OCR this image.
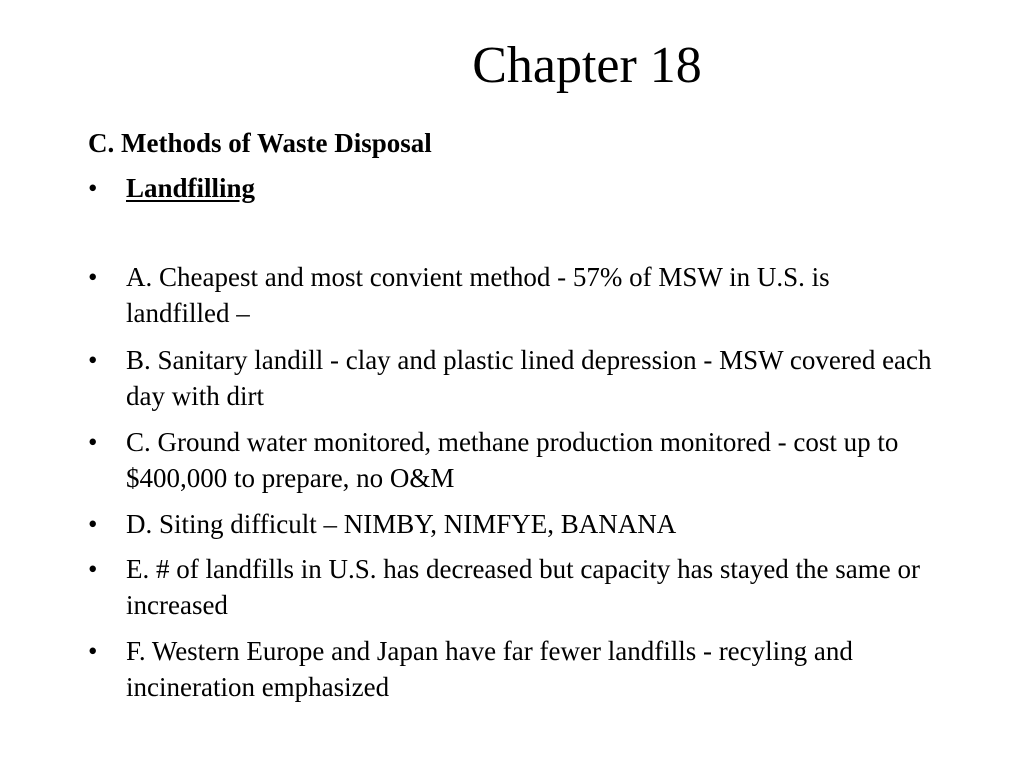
Chapter 18
C. Methods of Waste Disposal
•	Landfilling
•	A. Cheapest and most convient method - 57% of MSW in U.S. is landfilled –
•	B. Sanitary landill - clay and plastic lined depression - MSW covered each day with dirt
•	C. Ground water monitored, methane production monitored - cost up to $400,000 to prepare, no O&M
•	D. Siting difficult – NIMBY, NIMFYE, BANANA
•	E. # of landfills in U.S. has decreased but capacity has stayed the same or increased
•	F. Western Europe and Japan have far fewer landfills - recyling and incineration emphasized
